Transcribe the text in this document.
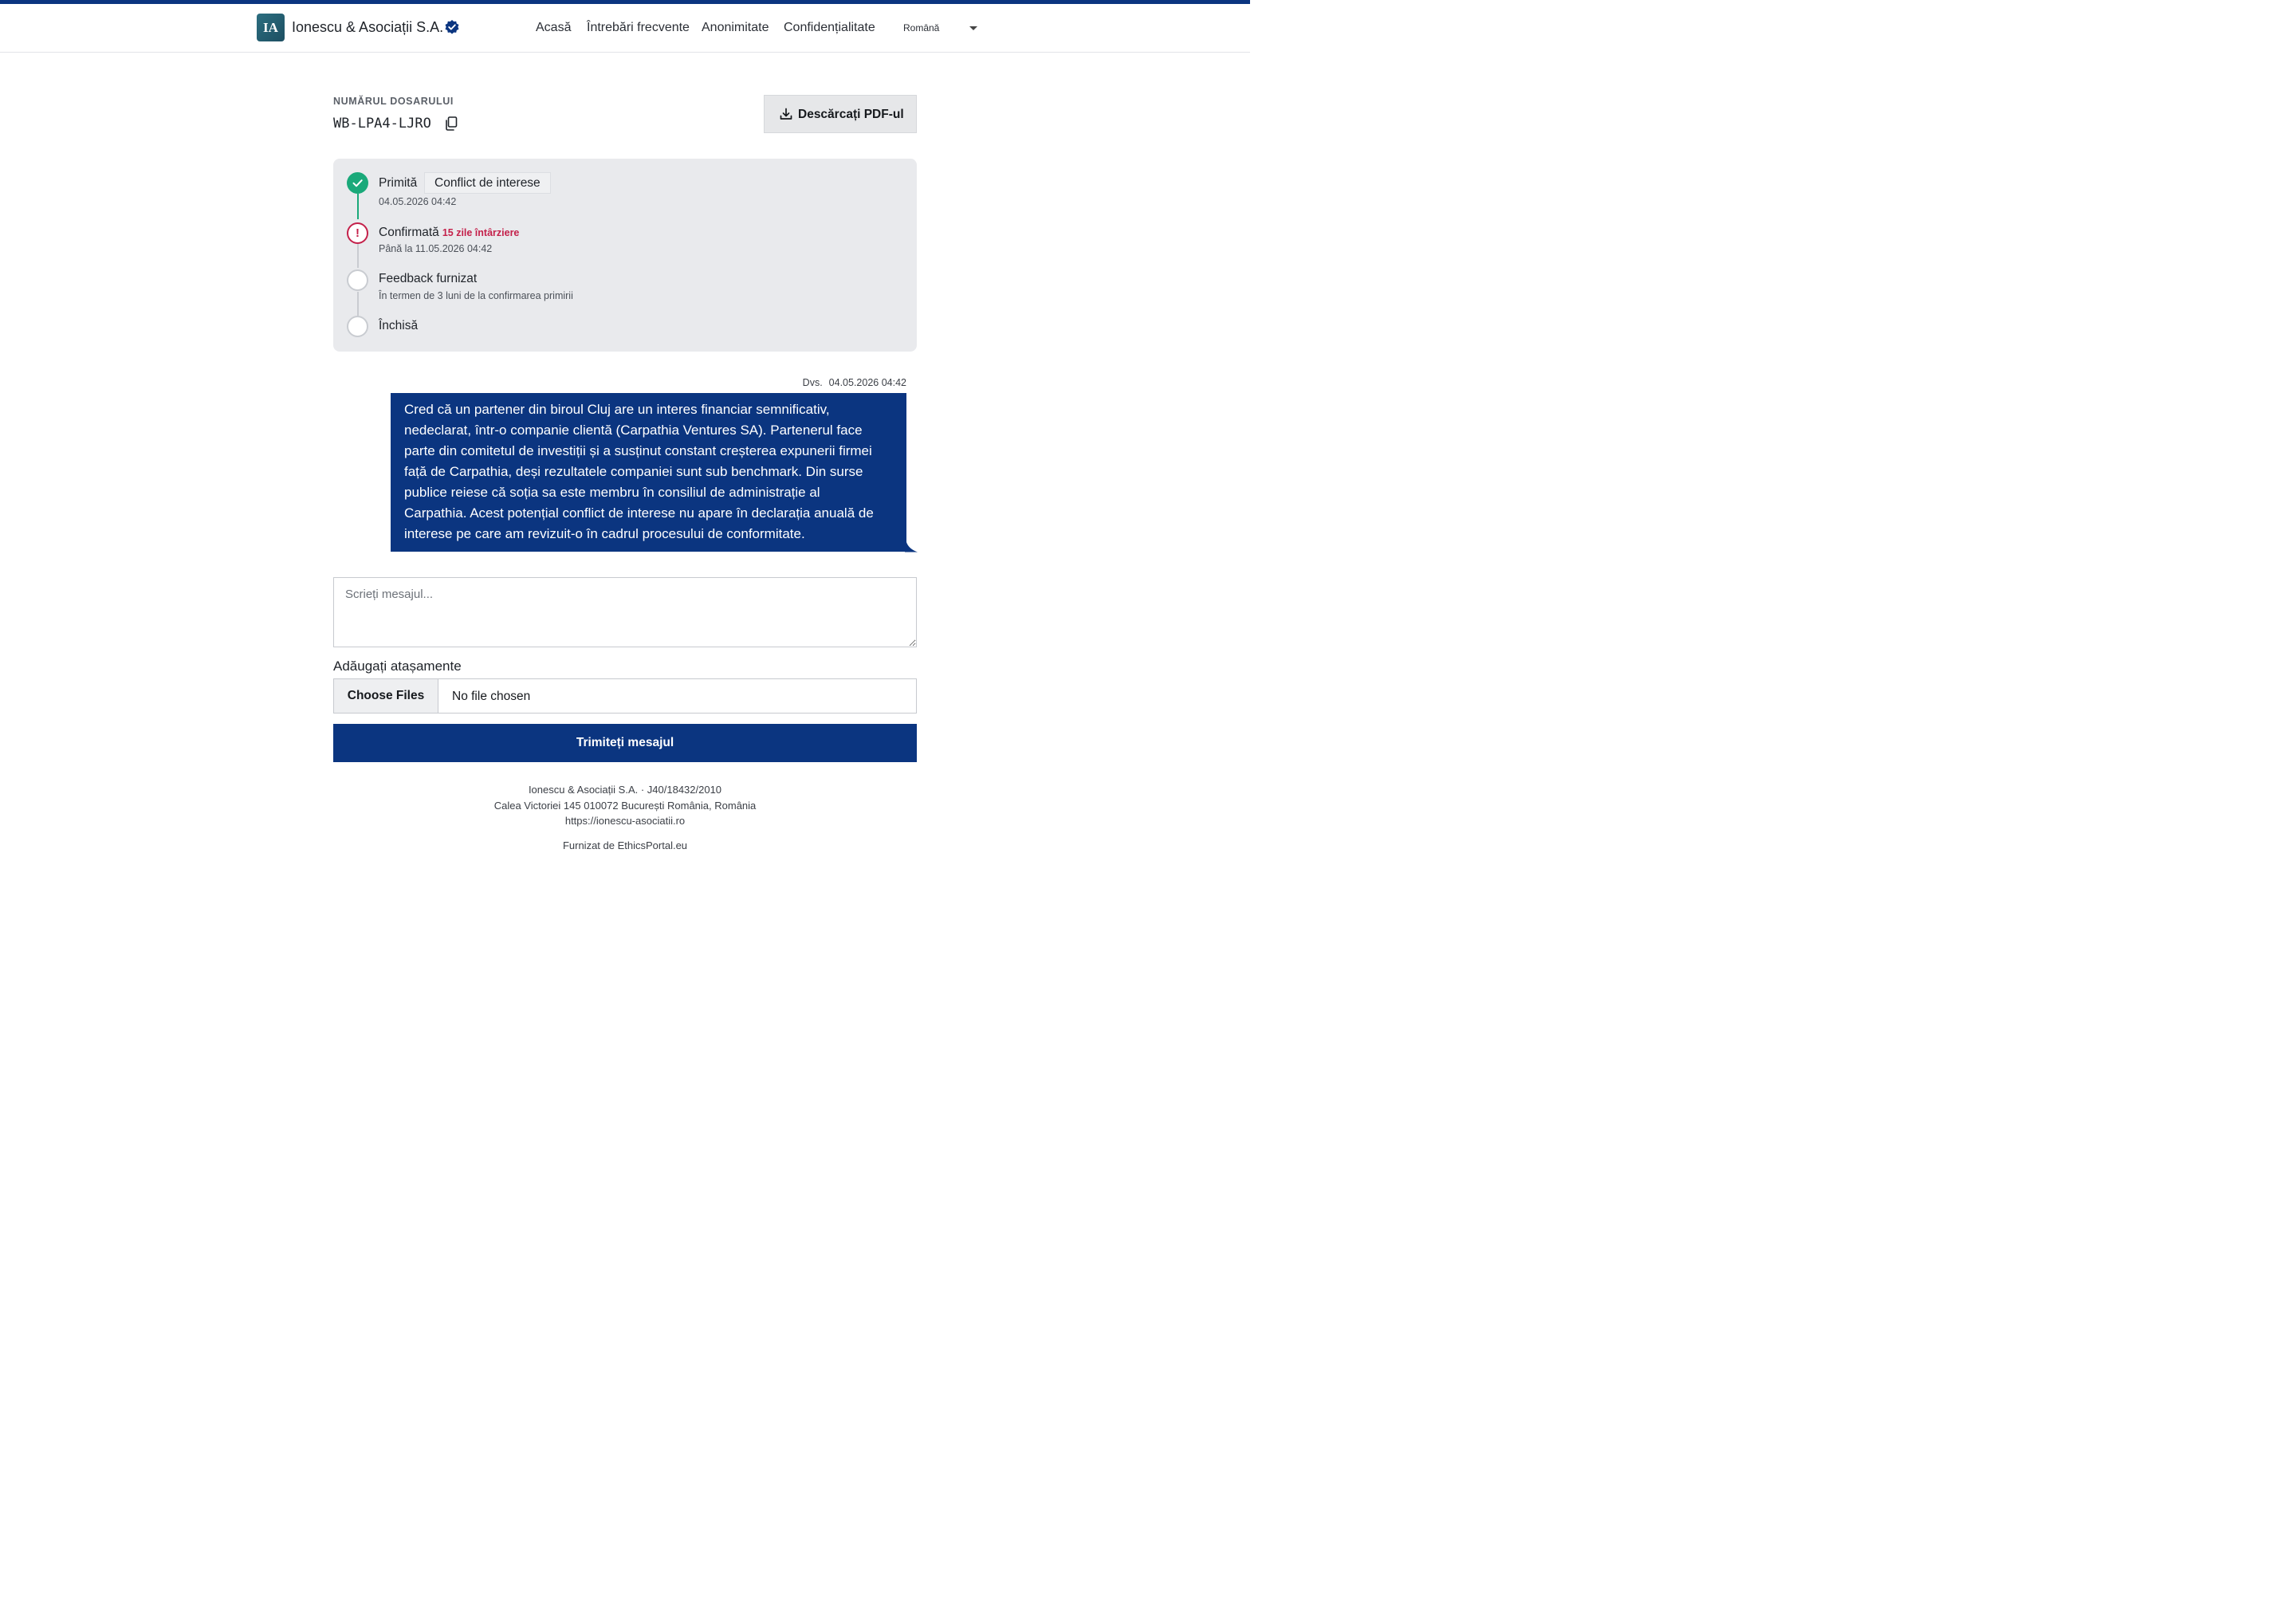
IA Ionescu & Asociații S.A.	Acasă Întrebări frecvente Anonimitate Confidențialitate	Română
NUMĂRUL DOSARULUI
WB-LPA4-LJRO
Descărcați PDF-ul
Primită	Conflict de interese
04.05.2026 04:42
!	Confirmată 15 zile întârziere
Până la 11.05.2026 04:42
Feedback furnizat
În termen de 3 luni de la confirmarea primirii
Închisă
Dvs. 04.05.2026 04:42
Cred că un partener din biroul Cluj are un interes financiar semnificativ,
nedeclarat, într-o companie clientă (Carpathia Ventures SA). Partenerul face
parte din comitetul de investiții și a susținut constant creșterea expunerii firmei
față de Carpathia, deși rezultatele companiei sunt sub benchmark. Din surse
publice reiese că soția sa este membru în consiliul de administrație al
Carpathia. Acest potențial conflict de interese nu apare în declarația anuală de
interese pe care am revizuit-o în cadrul procesului de conformitate.
Scrieți mesajul...
Adăugați atașamente
Choose Files	No file chosen
Trimiteți mesajul
Ionescu & Asociații S.A. · J40/18432/2010
Calea Victoriei 145 010072 București România, România
https://ionescu-asociatii.ro
Furnizat de EthicsPortal.eu
